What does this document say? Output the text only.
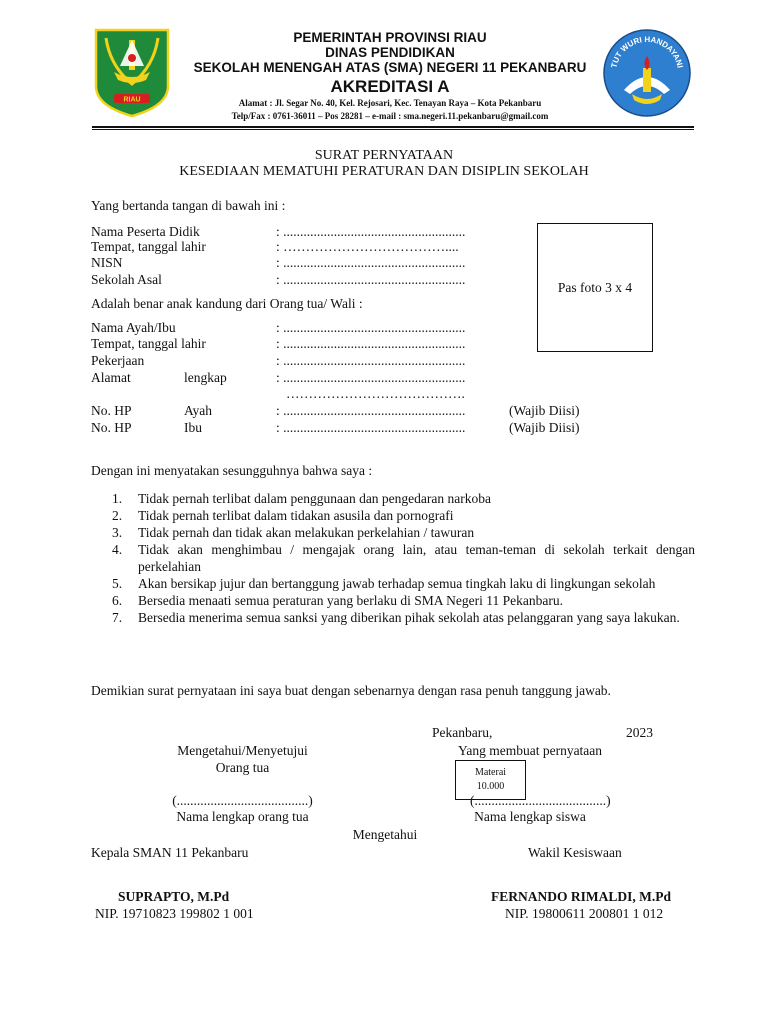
RIAU
TUT WURI HANDAYANI
PEMERINTAH PROVINSI RIAU
DINAS PENDIDIKAN
SEKOLAH MENENGAH ATAS (SMA) NEGERI 11 PEKANBARU
AKREDITASI A
Alamat : Jl. Segar No. 40, Kel. Rejosari, Kec. Tenayan Raya – Kota Pekanbaru
Telp/Fax : 0761-36011 – Pos 28281 – e-mail : sma.negeri.11.pekanbaru@gmail.com
SURAT PERNYATAAN
KESEDIAAN MEMATUHI PERATURAN DAN DISIPLIN SEKOLAH
Yang bertanda tangan di bawah ini :
Nama Peserta Didik	: ......................................................
Tempat, tanggal lahir	: ………………………………....
NISN	: ......................................................
Sekolah Asal	: ......................................................	Pas foto 3 x 4
Adalah benar anak kandung dari Orang tua/ Wali :
Nama Ayah/Ibu	: ......................................................
Tempat, tanggal lahir	: ......................................................
Pekerjaan	: ......................................................
Alamat	lengkap	: ......................................................
………………………………….
No. HP	Ayah	: ......................................................	(Wajib Diisi)
No. HP	Ibu	: ......................................................	(Wajib Diisi)
Dengan ini menyatakan sesungguhnya bahwa saya :
1. Tidak pernah terlibat dalam penggunaan dan pengedaran narkoba
2. Tidak pernah terlibat dalam tidakan asusila dan pornografi
3. Tidak pernah dan tidak akan melakukan perkelahian / tawuran
4. Tidak akan menghimbau / mengajak orang lain, atau teman-teman di sekolah terkait dengan perkelahian
5. Akan bersikap jujur dan bertanggung jawab terhadap semua tingkah laku di lingkungan sekolah
6. Bersedia menaati semua peraturan yang berlaku di SMA Negeri 11 Pekanbaru.
7. Bersedia menerima semua sanksi yang diberikan pihak sekolah atas pelanggaran yang saya lakukan.
Demikian surat pernyataan ini saya buat dengan sebenarnya dengan rasa penuh tanggung jawab.
Pekanbaru,	2023
Mengetahui/Menyetujui
Orang tua
Yang membuat pernyataan
Materai
10.000
(.......................................)	(.......................................)
Nama lengkap orang tua	Nama lengkap siswa
Mengetahui
Kepala SMAN 11 Pekanbaru	Wakil Kesiswaan
SUPRAPTO, M.Pd
NIP. 19710823 199802 1 001
FERNANDO RIMALDI, M.Pd
NIP. 19800611 200801 1 012
